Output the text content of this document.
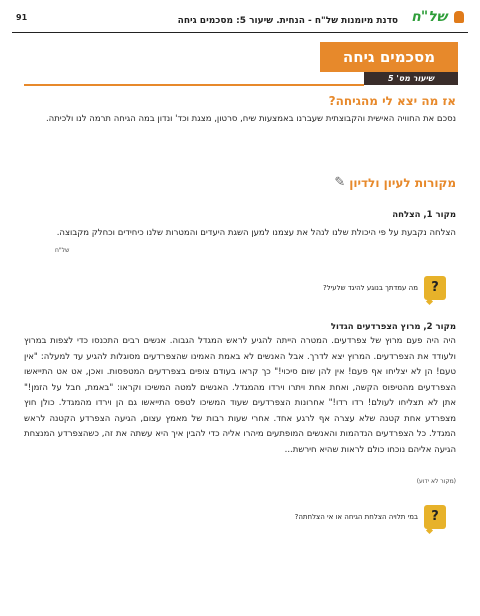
91	סדנת מיומנות של"ח - הנחית. שיעור 5: מסכמים גיחה של"ח
מסכמים גיחה
שיעור מס' 5
אז מה יצא לי מהגיחה?
נסכם את החוויה האישית והקבוצתית שעברנו באמצעות שיח, סרטון, מצגת וכד' ונדון במה הגיחה תרמה לנו ולכיתה.
מקורות לעיון ולדיון
✎
מקור 1, הצלחה
הצלחה נקבעת על פי היכולת שלנו לנהל את עצמנו למען השגת היעדים והמטרות שלנו כיחידים וכחלק מקבוצה.
של"ח
?
מה עמדתך בנוגע להיגד שלעיל?
מקור 2, מרוץ הצפרדעים הגדול
היה היה פעם מרוץ של צפרדעים. המטרה הייתה להגיע לראש המגדל הגבוה. אנשים רבים התכנסו כדי לצפות במרוץ ולעודד את הצפרדעים. המרוץ יצא לדרך. אבל האנשים לא באמת האמינו שהצפרדעים מסוגלות להגיע עד למעלה: "אין טעם! הן לא יצליחו אף פעם! אין להן שום סיכוי!" כך קראו בעודם צופים בצפרדעים המטפסות. ואכן, אט אט התייאשו הצפרדעים מהטיפוס הקשה, ואחת אחת ויתרו וירדו מהמגדל. האנשים למטה המשיכו וקראו: "באמת, חבל על הזמן!" אתן לא תצליחו לעולם! רדו רדו!" אחרונות הצפרדעים שעוד המשיכו לטפס התייאשו גם הן וירדו מהמגדל. כולן חוץ מצפרדע אחת קטנה שלא עצרה אף לרגע אחד. אחרי שעות רבות של מאמץ עצום, הגיעה הצפרדע הקטנה לראש המגדל. כל הצפרדעים הנדהמות והאנשים המופתעים מיהרו אליה כדי להבין איך היא עשתה את זה, כשהצפרדע המנצחת הגיעה אליהם נוכחו כולם לראות שהיא חירשת...
(מקור לא ידוע)
?
במי תלויה הצלחת הגיחה או אי הצלחתה?
